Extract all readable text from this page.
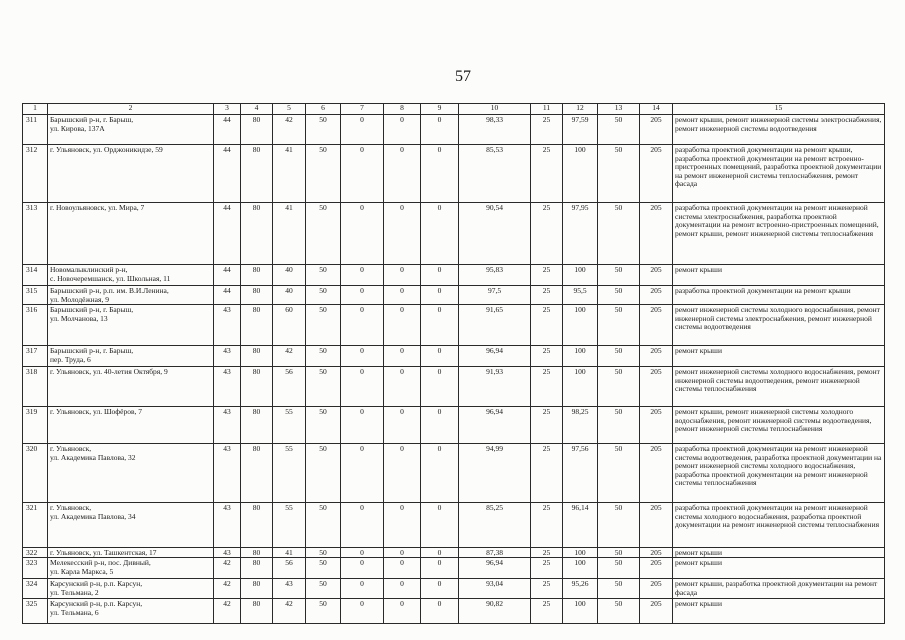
57
1	2	3	4	5	6	7	8	9	10	11	12	13	14	15

311	Барышский р-н, г. Барыш,
ул. Кирова, 137А	44	80	42	50	0	0	0	98,33	25	97,59	50	205	ремонт крыши, ремонт инженерной системы электроснабжения, ремонт инженерной системы водоотведения

312	г. Ульяновск, ул. Орджоникидзе, 59	44	80	41	50	0	0	0	85,53	25	100	50	205	разработка проектной документации на ремонт крыши, разработка проектной документации на ремонт встроенно-пристроенных помещений, разработка проектной документации на ремонт инженерной системы теплоснабжения, ремонт фасада

313	г. Новоульяновск, ул. Мира, 7	44	80	41	50	0	0	0	90,54	25	97,95	50	205	разработка проектной документации на ремонт инженерной системы электроснабжения, разработка проектной документации на ремонт встроенно-пристроенных помещений, ремонт крыши, ремонт инженерной системы теплоснабжения

314	Новомалыклинский р-н,
с. Новочеремшанск, ул. Школьная, 11	44	80	40	50	0	0	0	95,83	25	100	50	205	ремонт крыши

315	Барышский р-н, р.п. им. В.И.Ленина,
ул. Молодёжная, 9	44	80	40	50	0	0	0	97,5	25	95,5	50	205	разработка проектной документации на ремонт крыши

316	Барышский р-н, г. Барыш,
ул. Молчанова, 13	43	80	60	50	0	0	0	91,65	25	100	50	205	ремонт инженерной системы холодного водоснабжения, ремонт инженерной системы электроснабжения, ремонт инженерной системы водоотведения

317	Барышский р-н, г. Барыш,
пер. Труда, 6	43	80	42	50	0	0	0	96,94	25	100	50	205	ремонт крыши

318	г. Ульяновск, ул. 40-летия Октября, 9	43	80	56	50	0	0	0	91,93	25	100	50	205	ремонт инженерной системы холодного водоснабжения, ремонт инженерной системы водоотведения, ремонт инженерной системы теплоснабжения

319	г. Ульяновск, ул. Шофёров, 7	43	80	55	50	0	0	0	96,94	25	98,25	50	205	ремонт крыши, ремонт инженерной системы холодного водоснабжения, ремонт инженерной системы водоотведения, ремонт инженерной системы теплоснабжения

320	г. Ульяновск,
ул. Академика Павлова, 32	43	80	55	50	0	0	0	94,99	25	97,56	50	205	разработка проектной документации на ремонт инженерной системы водоотведения, разработка проектной документации на ремонт инженерной системы холодного водоснабжения, разработка проектной документации на ремонт инженерной системы теплоснабжения

321	г. Ульяновск,
ул. Академика Павлова, 34	43	80	55	50	0	0	0	85,25	25	96,14	50	205	разработка проектной документации на ремонт инженерной системы холодного водоснабжения, разработка проектной документации на ремонт инженерной системы теплоснабжения

322	г. Ульяновск, ул. Ташкентская, 17	43	80	41	50	0	0	0	87,38	25	100	50	205	ремонт крыши

323	Мелекесский р-н, пос. Дивный,
ул. Карла Маркса, 5	42	80	56	50	0	0	0	96,94	25	100	50	205	ремонт крыши

324	Карсунский р-н, р.п. Карсун,
ул. Тельмана, 2	42	80	43	50	0	0	0	93,04	25	95,26	50	205	ремонт крыши, разработка проектной документации на ремонт фасада

325	Карсунский р-н, р.п. Карсун,
ул. Тельмана, 6	42	80	42	50	0	0	0	90,82	25	100	50	205	ремонт крыши
